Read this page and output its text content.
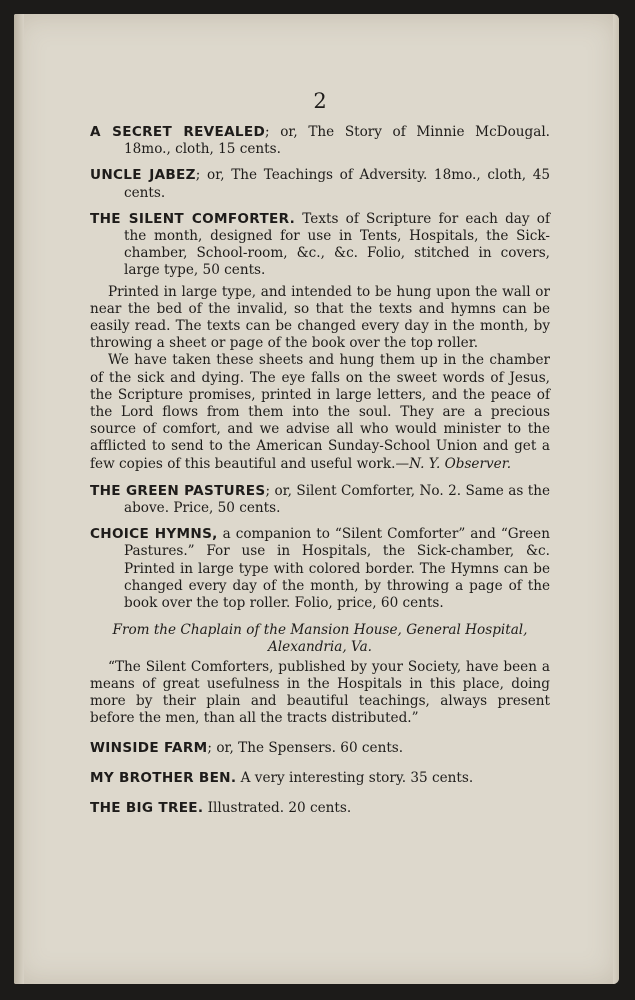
2

A SECRET REVEALED; or, The Story of Minnie McDougal. 18mo., cloth, 15 cents.

UNCLE JABEZ; or, The Teachings of Adversity. 18mo., cloth, 45 cents.

THE SILENT COMFORTER. Texts of Scripture for each day of the month, designed for use in Tents, Hospitals, the Sick-chamber, School-room, &c., &c. Folio, stitched in covers, large type, 50 cents.

Printed in large type, and intended to be hung upon the wall or near the bed of the invalid, so that the texts and hymns can be easily read. The texts can be changed every day in the month, by throwing a sheet or page of the book over the top roller.

We have taken these sheets and hung them up in the chamber of the sick and dying. The eye falls on the sweet words of Jesus, the Scripture promises, printed in large letters, and the peace of the Lord flows from them into the soul. They are a precious source of comfort, and we advise all who would minister to the afflicted to send to the American Sunday-School Union and get a few copies of this beautiful and useful work.—N. Y. Observer.

THE GREEN PASTURES; or, Silent Comforter, No. 2. Same as the above. Price, 50 cents.

CHOICE HYMNS, a companion to “Silent Comforter” and “Green Pastures.” For use in Hospitals, the Sick-chamber, &c. Printed in large type with colored border. The Hymns can be changed every day of the month, by throwing a page of the book over the top roller. Folio, price, 60 cents.

From the Chaplain of the Mansion House, General Hospital, Alexandria, Va.

“The Silent Comforters, published by your Society, have been a means of great usefulness in the Hospitals in this place, doing more by their plain and beautiful teachings, always present before the men, than all the tracts distributed.”

WINSIDE FARM; or, The Spensers. 60 cents.

MY BROTHER BEN. A very interesting story. 35 cents.

THE BIG TREE. Illustrated. 20 cents.
